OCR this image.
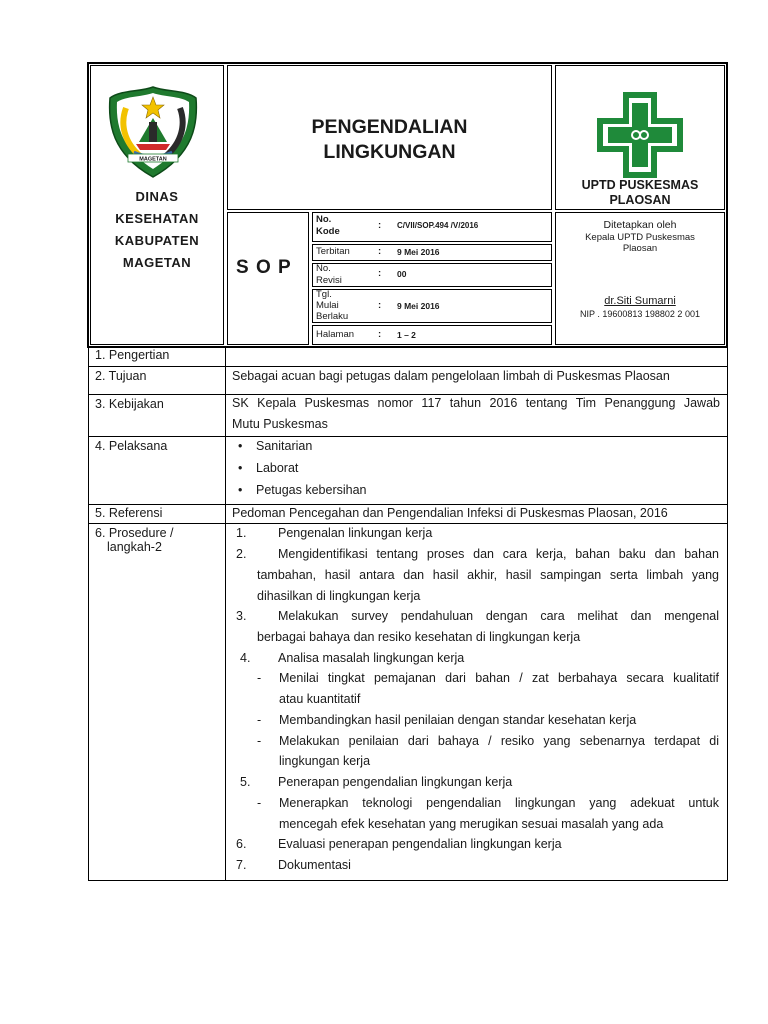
MAGETAN
DINAS
KESEHATAN
KABUPATEN
MAGETAN
PENGENDALIAN
LINGKUNGAN
UPTD PUSKESMAS
PLAOSAN
S O P
No.
Kode
: C/VII/SOP.494 /V/2016
Terbitan	: 9 Mei 2016
No.
Revisi
: 00
Tgl.
Mulai
Berlaku
: 9 Mei 2016
Halaman	: 1 – 2
Ditetapkan oleh
Kepala UPTD Puskesmas
Plaosan
dr.Siti Sumarni
NIP . 19600813 198802 2 001
1. Pengertian
2. Tujuan	Sebagai acuan bagi petugas dalam pengelolaan limbah di Puskesmas Plaosan
3. Kebijakan	SK Kepala Puskesmas nomor 117 tahun 2016 tentang Tim Penanggung Jawab
Mutu Puskesmas
4. Pelaksana	• Sanitarian
• Laborat
• Petugas kebersihan
5. Referensi	Pedoman Pencegahan dan Pengendalian Infeksi di Puskesmas Plaosan, 2016
6. Prosedure /
langkah-2
1.	Pengenalan linkungan kerja
2.	Mengidentifikasi tentang proses dan cara kerja, bahan baku dan bahan
tambahan, hasil antara dan hasil akhir, hasil sampingan serta limbah yang
dihasilkan di lingkungan kerja
3.	Melakukan survey pendahuluan dengan cara melihat dan mengenal
berbagai bahaya dan resiko kesehatan di lingkungan kerja
4. Analisa masalah lingkungan kerja
- Menilai tingkat pemajanan dari bahan / zat berbahaya secara kualitatif
atau kuantitatif
- Membandingkan hasil penilaian dengan standar kesehatan kerja
- Melakukan penilaian dari bahaya / resiko yang sebenarnya terdapat di
lingkungan kerja
5. Penerapan pengendalian lingkungan kerja
- Menerapkan teknologi pengendalian lingkungan yang adekuat untuk
mencegah efek kesehatan yang merugikan sesuai masalah yang ada
6.	Evaluasi penerapan pengendalian lingkungan kerja
7.	Dokumentasi
